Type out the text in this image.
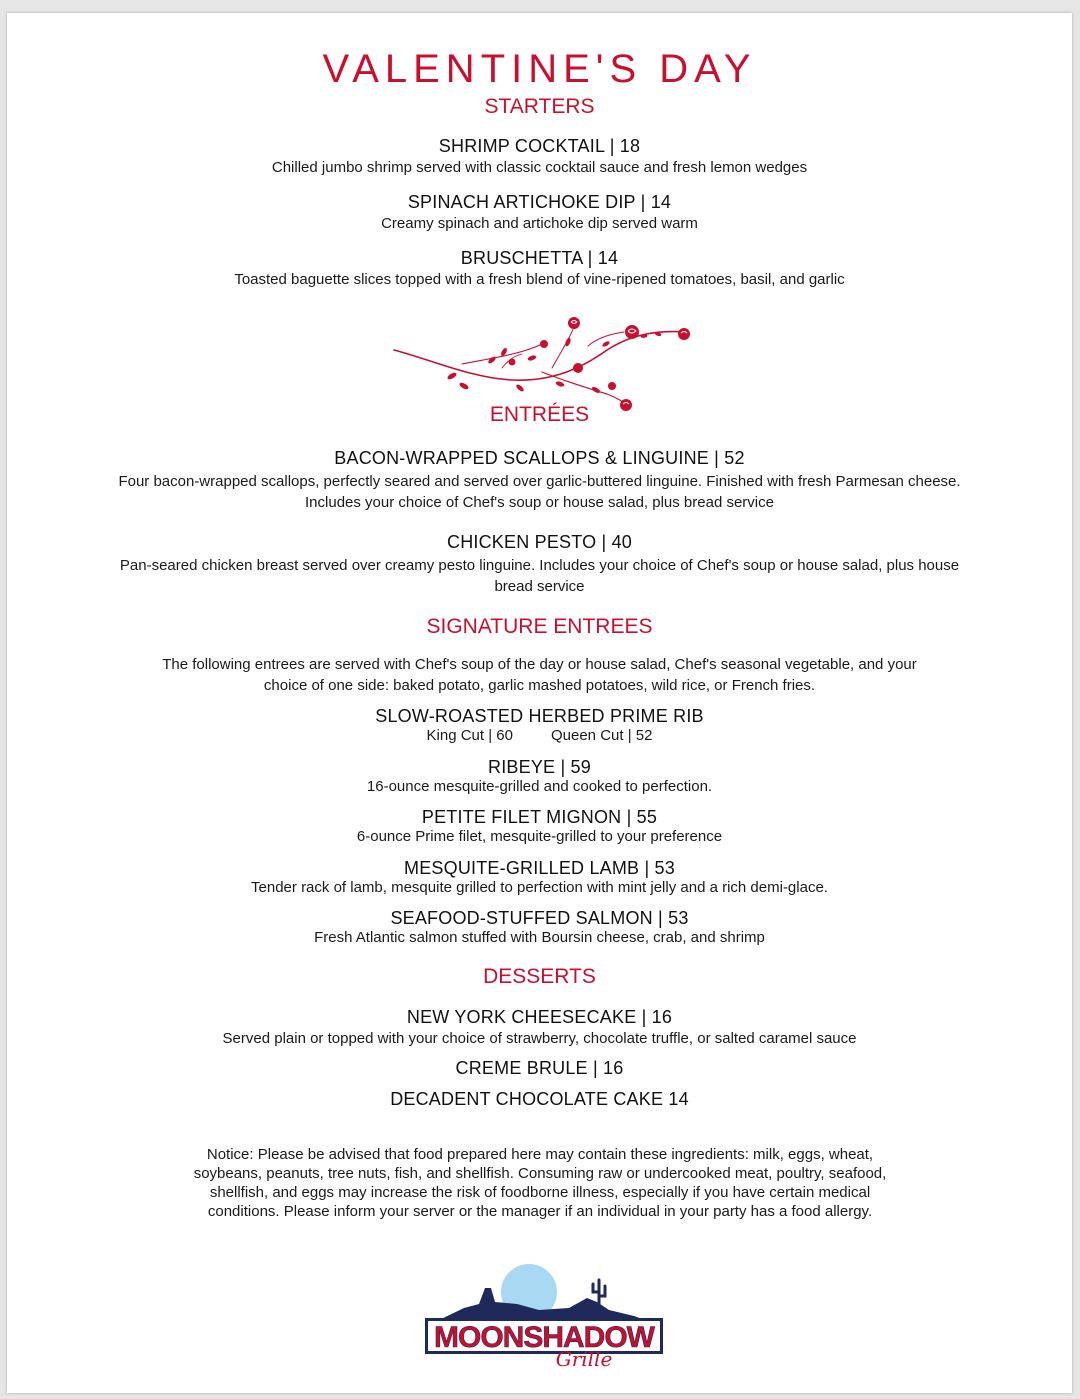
VALENTINE'S DAY
STARTERS
SHRIMP COCKTAIL | 18
Chilled jumbo shrimp served with classic cocktail sauce and fresh lemon wedges
SPINACH ARTICHOKE DIP | 14
Creamy spinach and artichoke dip served warm
BRUSCHETTA | 14
Toasted baguette slices topped with a fresh blend of vine-ripened tomatoes, basil, and garlic
ENTRÉES
BACON-WRAPPED SCALLOPS & LINGUINE | 52
Four bacon-wrapped scallops, perfectly seared and served over garlic-buttered linguine. Finished with fresh Parmesan cheese. Includes your choice of Chef's soup or house salad, plus bread service
CHICKEN PESTO | 40
Pan-seared chicken breast served over creamy pesto linguine. Includes your choice of Chef's soup or house salad, plus house bread service
SIGNATURE ENTREES
The following entrees are served with Chef's soup of the day or house salad, Chef's seasonal vegetable, and your choice of one side: baked potato, garlic mashed potatoes, wild rice, or French fries.
SLOW-ROASTED HERBED PRIME RIB
King Cut | 60	Queen Cut | 52
RIBEYE | 59
16-ounce mesquite-grilled and cooked to perfection.
PETITE FILET MIGNON | 55
6-ounce Prime filet, mesquite-grilled to your preference
MESQUITE-GRILLED LAMB | 53
Tender rack of lamb, mesquite grilled to perfection with mint jelly and a rich demi-glace.
SEAFOOD-STUFFED SALMON | 53
Fresh Atlantic salmon stuffed with Boursin cheese, crab, and shrimp
DESSERTS
NEW YORK CHEESECAKE | 16
Served plain or topped with your choice of strawberry, chocolate truffle, or salted caramel sauce
CREME BRULE | 16
DECADENT CHOCOLATE CAKE 14
Notice: Please be advised that food prepared here may contain these ingredients: milk, eggs, wheat, soybeans, peanuts, tree nuts, fish, and shellfish. Consuming raw or undercooked meat, poultry, seafood, shellfish, and eggs may increase the risk of foodborne illness, especially if you have certain medical conditions. Please inform your server or the manager if an individual in your party has a food allergy.
MOONSHADOW
Grille
